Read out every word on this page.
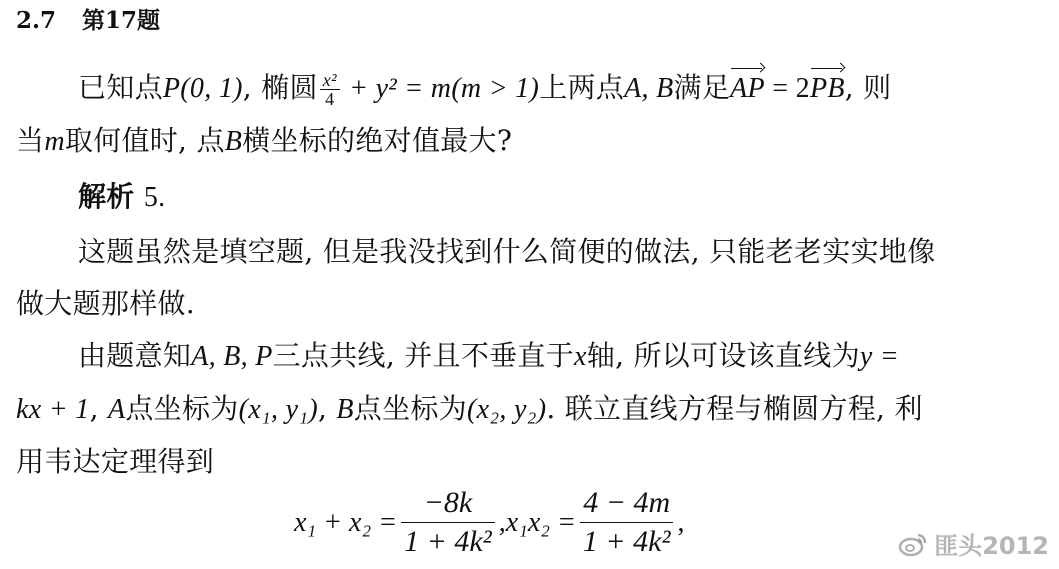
2.7 第17题
已知点P(0, 1), 椭圆 $\frac{\text{x²}}{4} + y^2 = m(m > 1)$上两点A, B满足AP = 2PB, 则
当m取何值时, 点B横坐标的绝对值最大?
解析 5.
这题虽然是填空题, 但是我没找到什么简便的做法, 只能老老实实地像
做大题那样做.
由题意知A, B, P三点共线, 并且不垂直于x轴, 所以可设该直线为y =
kx + 1, A点坐标为(x₁, y₁), B点坐标为(x₂, y₂). 联立直线方程与椭圆方程, 利
用韦达定理得到
$x_1 + x_2 = \frac{-8k}{\text{1 + 4k²}}$ , $x_1x_2 = \frac{4 - 4m}{\text{1 + 4k²}}$ ,
匪头2012
